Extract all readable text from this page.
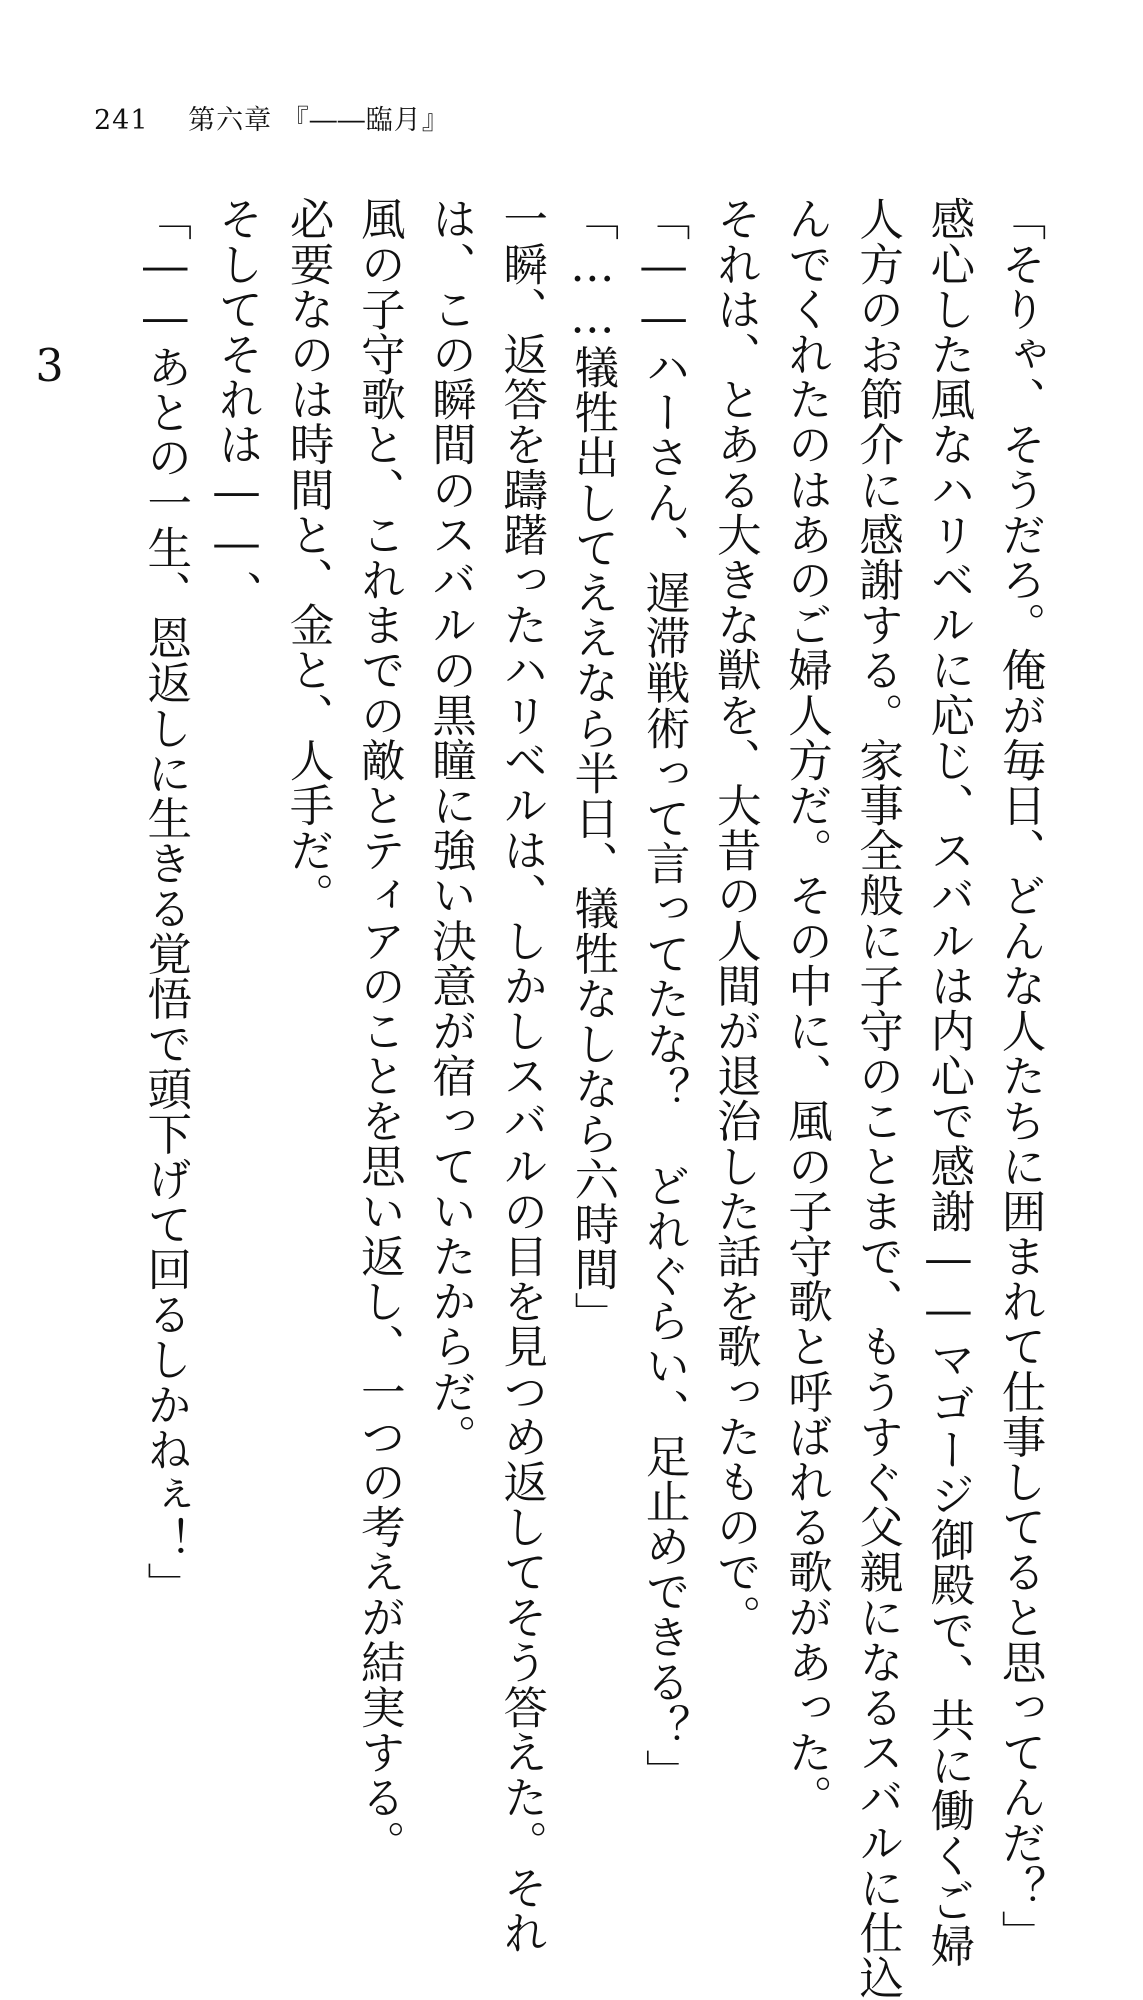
241 第六章 『――臨月』
「そりゃ、そうだろ。俺が毎日、どんな人たちに囲まれて仕事してると思ってんだ？」
感心した風なハリベルに応じ、スバルは内心で感謝――マゴージ御殿で、共に働くご婦
人方のお節介に感謝する。家事全般に子守のことまで、もうすぐ父親になるスバルに仕込
んでくれたのはあのご婦人方だ。その中に、風の子守歌と呼ばれる歌があった。
それは、とある大きな獣を、大昔の人間が退治した話を歌ったもので。
「――ハーさん、遅滞戦術って言ってたな？ どれぐらい、足止めできる？」
「……犠牲出してええなら半日、犠牲なしなら六時間」
一瞬、返答を躊躇ったハリベルは、しかしスバルの目を見つめ返してそう答えた。それ
は、この瞬間のスバルの黒瞳に強い決意が宿っていたからだ。
風の子守歌と、これまでの敵とティアのことを思い返し、一つの考えが結実する。
必要なのは時間と、金と、人手だ。
そしてそれは――、
「――あとの一生、恩返しに生きる覚悟で頭下げて回るしかねぇ！」
3
